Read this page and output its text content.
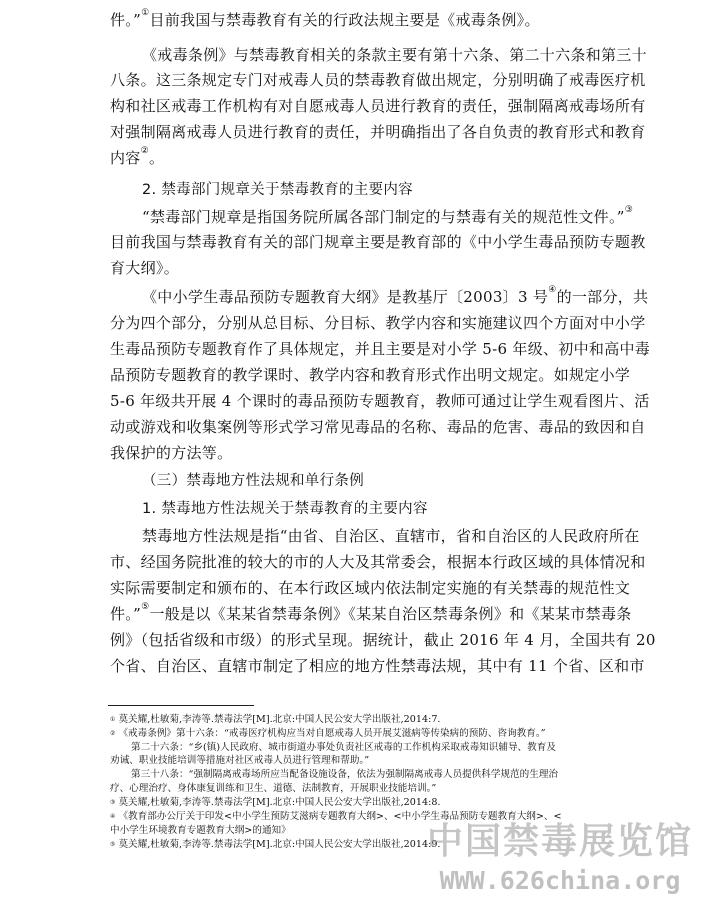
件。”①目前我国与禁毒教育有关的行政法规主要是《戒毒条例》。
《戒毒条例》与禁毒教育相关的条款主要有第十六条、第二十六条和第三十
八条。这三条规定专门对戒毒人员的禁毒教育做出规定，分别明确了戒毒医疗机
构和社区戒毒工作机构有对自愿戒毒人员进行教育的责任，强制隔离戒毒场所有
对强制隔离戒毒人员进行教育的责任，并明确指出了各自负责的教育形式和教育
内容②。
2. 禁毒部门规章关于禁毒教育的主要内容
“禁毒部门规章是指国务院所属各部门制定的与禁毒有关的规范性文件。”③
目前我国与禁毒教育有关的部门规章主要是教育部的《中小学生毒品预防专题教
育大纲》。
《中小学生毒品预防专题教育大纲》是教基厅〔2003〕3 号④的一部分，共
分为四个部分，分别从总目标、分目标、教学内容和实施建议四个方面对中小学
生毒品预防专题教育作了具体规定，并且主要是对小学 5-6 年级、初中和高中毒
品预防专题教育的教学课时、教学内容和教育形式作出明文规定。如规定小学
5-6 年级共开展 4 个课时的毒品预防专题教育，教师可通过让学生观看图片、活
动或游戏和收集案例等形式学习常见毒品的名称、毒品的危害、毒品的致因和自
我保护的方法等。
（三）禁毒地方性法规和单行条例
1. 禁毒地方性法规关于禁毒教育的主要内容
禁毒地方性法规是指“由省、自治区、直辖市，省和自治区的人民政府所在
市、经国务院批准的较大的市的人大及其常委会，根据本行政区域的具体情况和
实际需要制定和颁布的、在本行政区域内依法制定实施的有关禁毒的规范性文
件。”⑤一般是以《某某省禁毒条例》《某某自治区禁毒条例》和《某某市禁毒条
例》（包括省级和市级）的形式呈现。据统计，截止 2016 年 4 月，全国共有 20
个省、自治区、直辖市制定了相应的地方性禁毒法规，其中有 11 个省、区和市
① 莫关耀,杜敏菊,李涛等.禁毒法学[M].北京:中国人民公安大学出版社,2014:7.
② 《戒毒条例》第十六条：“戒毒医疗机构应当对自愿戒毒人员开展艾滋病等传染病的预防、咨询教育。”
第二十六条：“乡(镇)人民政府、城市街道办事处负责社区戒毒的工作机构采取戒毒知识辅导、教育及
劝诫、职业技能培训等措施对社区戒毒人员进行管理和帮助。”
第三十八条：“强制隔离戒毒场所应当配备设施设备，依法为强制隔离戒毒人员提供科学规范的生理治
疗、心理治疗、身体康复训练和卫生、道德、法制教育，开展职业技能培训。”
③ 莫关耀,杜敏菊,李涛等.禁毒法学[M].北京:中国人民公安大学出版社,2014:8.
④ 《教育部办公厅关于印发<中小学生预防艾滋病专题教育大纲>、<中小学生毒品预防专题教育大纲>、<
中小学生环境教育专题教育大纲>的通知》
⑤ 莫关耀,杜敏菊,李涛等.禁毒法学[M].北京:中国人民公安大学出版社,2014:9.
中国禁毒展览馆
WWW.626china.org
